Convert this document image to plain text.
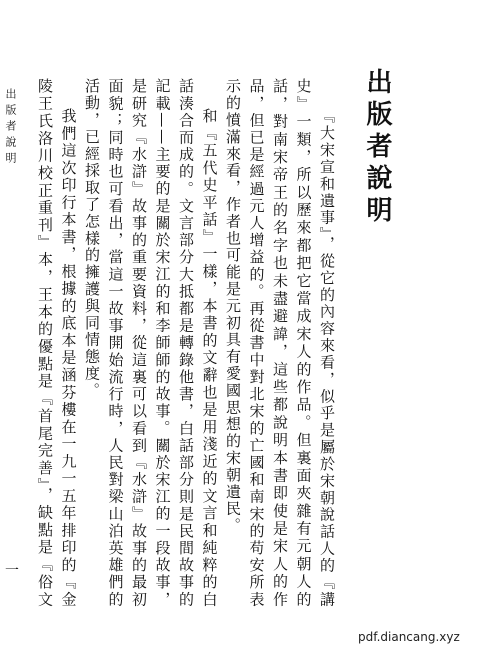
出版者說明

『大宋宣和遺事』，從它的內容來看，似乎是屬於宋朝說話人的『講史』一類，所以歷來都把它當成宋人的作品。但裏面夾雜有元朝人的話，對南宋帝王的名字也未盡避諱，這些都說明本書即使是宋人的作品，但已是經過元人增益的。再從書中對北宋的亡國和南宋的苟安所表示的憤滿來看，作者也可能是元初具有愛國思想的宋朝遺民。

和『五代史平話』一樣，本書的文辭也是用淺近的文言和純粹的白話湊合而成的。文言部分大抵都是轉錄他書，白話部分則是民間故事的記載——主要的是關於宋江的和李師師的故事。關於宋江的一段故事，是研究『水滸』故事的重要資料，從這裏可以看到『水滸』故事的最初面貌；同時也可看出，當這一故事開始流行時，人民對梁山泊英雄們的活動，已經採取了怎樣的擁護與同情態度。

我們這次印行本書，根據的底本是涵芬樓在一九一五年排印的『金陵王氏洛川校正重刊』本，王本的優點是『首尾完善』，缺點是『俗文

出版者說明
一
pdf.diancang.xyz
